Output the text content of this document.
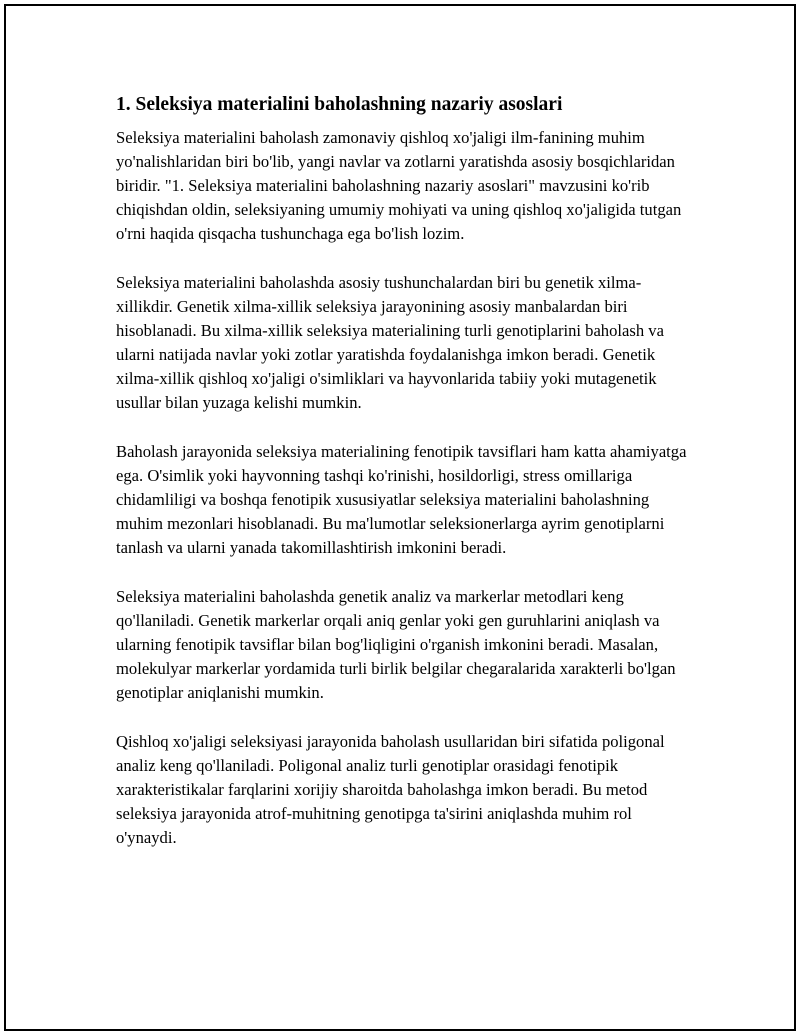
1. Seleksiya materialini baholashning nazariy asoslari

Seleksiya materialini baholash zamonaviy qishloq xo'jaligi ilm-fanining muhim yo'nalishlaridan biri bo'lib, yangi navlar va zotlarni yaratishda asosiy bosqichlaridan biridir. "1. Seleksiya materialini baholashning nazariy asoslari" mavzusini ko'rib chiqishdan oldin, seleksiyaning umumiy mohiyati va uning qishloq xo'jaligida tutgan o'rni haqida qisqacha tushunchaga ega bo'lish lozim.

Seleksiya materialini baholashda asosiy tushunchalardan biri bu genetik xilma-xillikdir. Genetik xilma-xillik seleksiya jarayonining asosiy manbalardan biri hisoblanadi. Bu xilma-xillik seleksiya materialining turli genotiplarini baholash va ularni natijada navlar yoki zotlar yaratishda foydalanishga imkon beradi. Genetik xilma-xillik qishloq xo'jaligi o'simliklari va hayvonlarida tabiiy yoki mutagenetik usullar bilan yuzaga kelishi mumkin.

Baholash jarayonida seleksiya materialining fenotipik tavsiflari ham katta ahamiyatga ega. O'simlik yoki hayvonning tashqi ko'rinishi, hosildorligi, stress omillariga chidamliligi va boshqa fenotipik xususiyatlar seleksiya materialini baholashning muhim mezonlari hisoblanadi. Bu ma'lumotlar seleksionerlarga ayrim genotiplarni tanlash va ularni yanada takomillashtirish imkonini beradi.

Seleksiya materialini baholashda genetik analiz va markerlar metodlari keng qo'llaniladi. Genetik markerlar orqali aniq genlar yoki gen guruhlarini aniqlash va ularning fenotipik tavsiflar bilan bog'liqligini o'rganish imkonini beradi. Masalan, molekulyar markerlar yordamida turli birlik belgilar chegaralarida xarakterli bo'lgan genotiplar aniqlanishi mumkin.

Qishloq xo'jaligi seleksiyasi jarayonida baholash usullaridan biri sifatida poligonal analiz keng qo'llaniladi. Poligonal analiz turli genotiplar orasidagi fenotipik xarakteristikalar farqlarini xorijiy sharoitda baholashga imkon beradi. Bu metod seleksiya jarayonida atrof-muhitning genotipga ta'sirini aniqlashda muhim rol o'ynaydi.
